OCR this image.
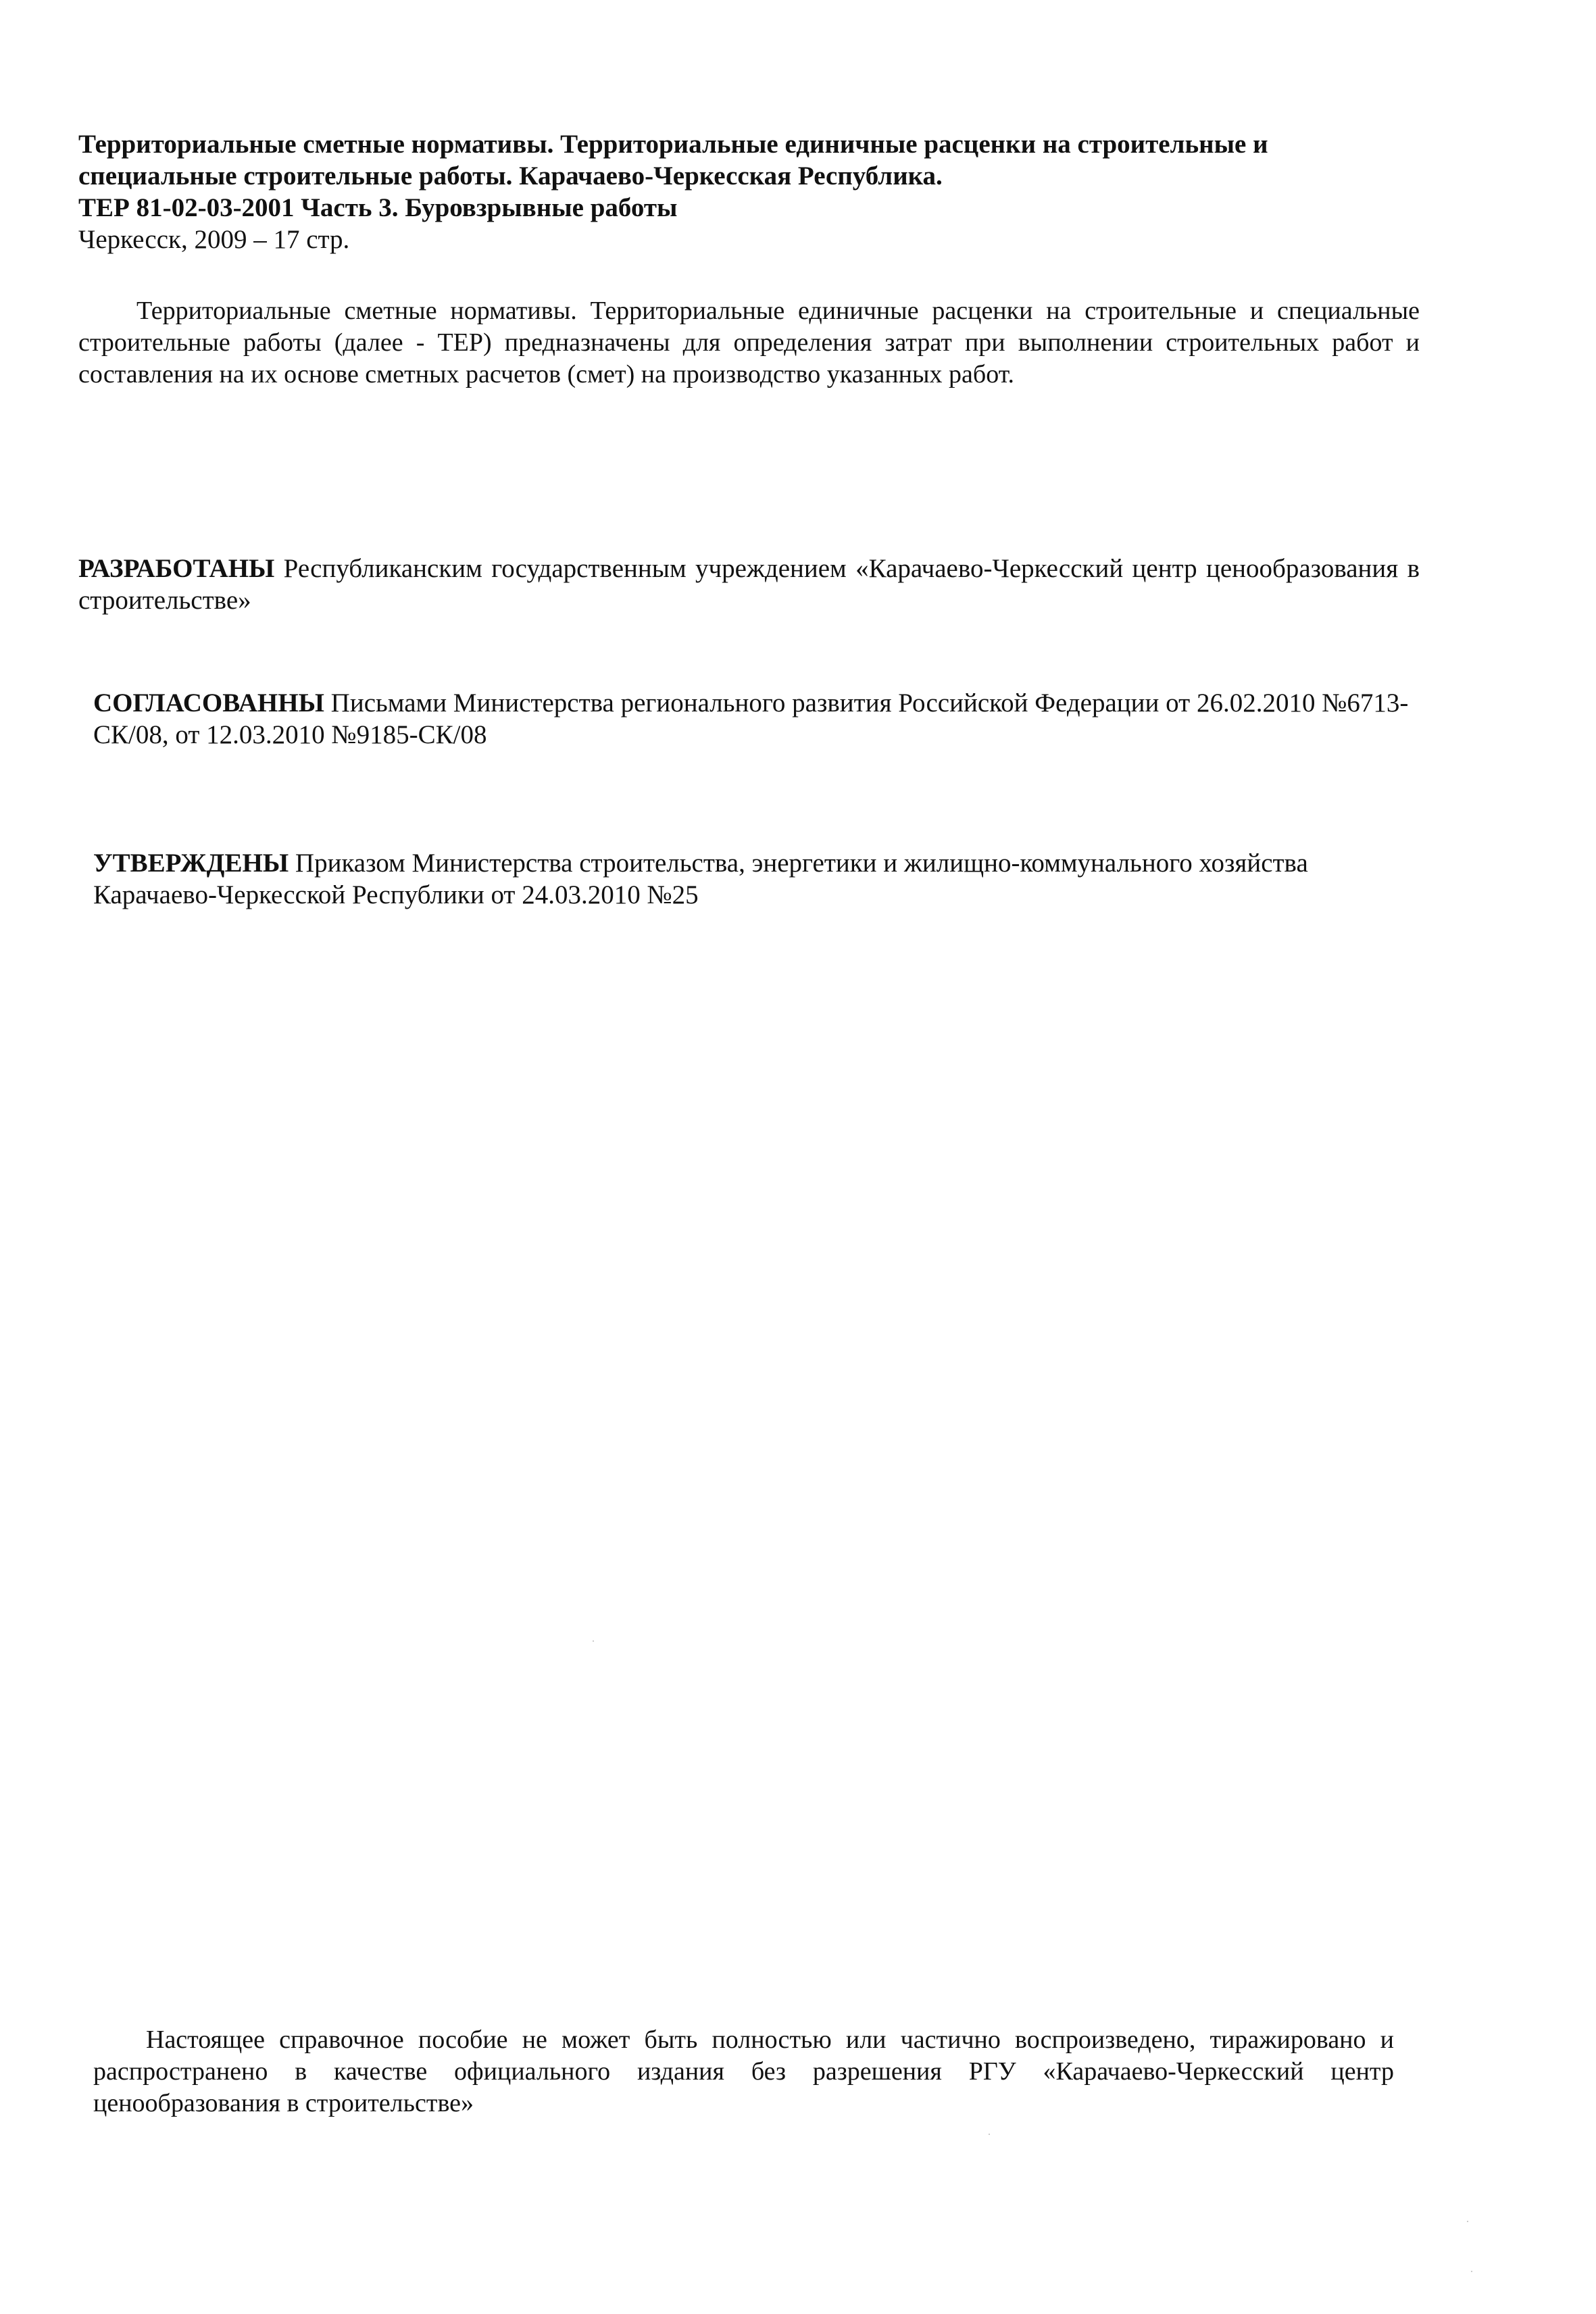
Территориальные сметные нормативы. Территориальные единичные расценки на строительные и
специальные строительные работы. Карачаево-Черкесская Республика.
ТЕР 81-02-03-2001 Часть 3. Буровзрывные работы
Черкесск, 2009 – 17 стр.

Территориальные сметные нормативы. Территориальные единичные расценки на строительные и специальные строительные работы (далее - ТЕР) предназначены для определения затрат при выполнении строительных работ и составления на их основе сметных расчетов (смет) на производство указанных работ.

РАЗРАБОТАНЫ Республиканским государственным учреждением «Карачаево-Черкесский центр ценообразования в строительстве»

СОГЛАСОВАННЫ Письмами Министерства регионального развития Российской Федерации от 26.02.2010 №6713-СК/08, от 12.03.2010 №9185-СК/08

УТВЕРЖДЕНЫ Приказом Министерства строительства, энергетики и жилищно-коммунального хозяйства Карачаево-Черкесской Республики от 24.03.2010 №25

Настоящее справочное пособие не может быть полностью или частично воспроизведено, тиражировано и распространено в качестве официального издания без разрешения РГУ «Карачаево-Черкесский центр ценообразования в строительстве»
